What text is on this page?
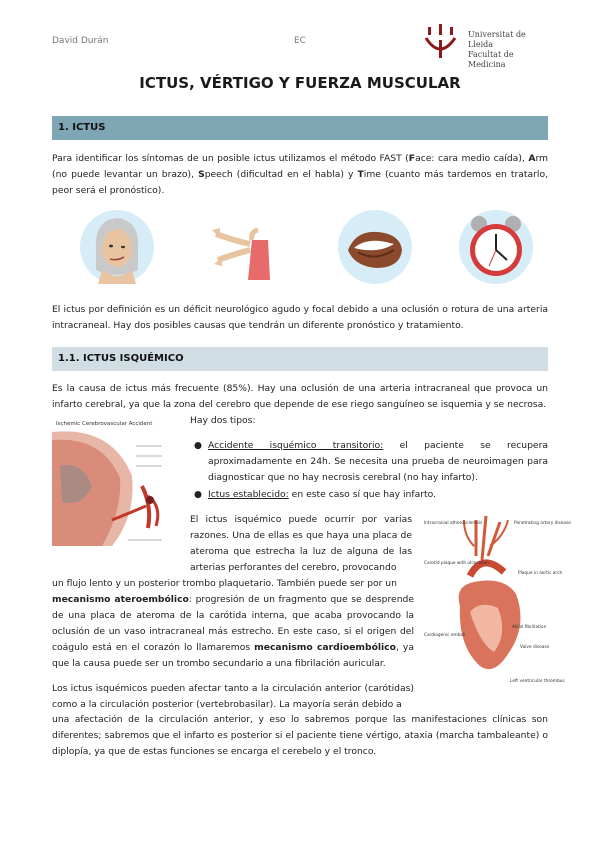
David Durán	EC
Universitat de Lleida
Facultat de Medicina
ICTUS, VÉRTIGO Y FUERZA MUSCULAR
1. ICTUS

Para identificar los síntomas de un posible ictus utilizamos el método FAST (Face: cara medio caída), Arm (no puede levantar un brazo), Speech (dificultad en el habla) y Time (cuanto más tardemos en tratarlo, peor será el pronóstico).

El ictus por definición es un déficit neurológico agudo y focal debido a una oclusión o rotura de una arteria intracraneal. Hay dos posibles causas que tendrán un diferente pronóstico y tratamiento.

1.1. ICTUS ISQUÉMICO

Es la causa de ictus más frecuente (85%). Hay una oclusión de una arteria intracraneal que provoca un infarto cerebral, ya que la zona del cerebro que depende de ese riego sanguíneo se isquemia y se necrosa.

Ischemic Cerebrovascular Accident	Hay dos tipos:

● Accidente isquémico transitorio: el paciente se recupera aproximadamente en 24h. Se necesita una prueba de neuroimagen para diagnosticar que no hay necrosis cerebral (no hay infarto).

● Ictus establecido: en este caso sí que hay infarto.

El ictus isquémico puede ocurrir por varias razones. Una de ellas es que haya una placa de ateroma que estrecha la luz de alguna de las arterias perforantes del cerebro, provocando

un flujo lento y un posterior trombo plaquetario. También puede ser por un

mecanismo ateroembólico: progresión de un fragmento que se desprende de una placa de ateroma de la carótida interna, que acaba provocando la oclusión de un vaso intracraneal más estrecho. En este caso, si el origen del coágulo está en el corazón lo llamaremos mecanismo cardioembólico, ya que la causa puede ser un trombo secundario a una fibrilación auricular.

Intracranial atherosclerosis	Penetrating artery disease
Carotid plaque with ulceration
Plaque in aortic arch
Cardiogenic emboli
Atrial fibrillation
Valve disease
Left ventricular thrombus

Los ictus isquémicos pueden afectar tanto a la circulación anterior (carótidas) como a la circulación posterior (vertebrobasilar). La mayoría serán debido a

una afectación de la circulación anterior, y eso lo sabremos porque las manifestaciones clínicas son diferentes; sabremos que el infarto es posterior si el paciente tiene vértigo, ataxia (marcha tambaleante) o diplopía, ya que de estas funciones se encarga el cerebelo y el tronco.
